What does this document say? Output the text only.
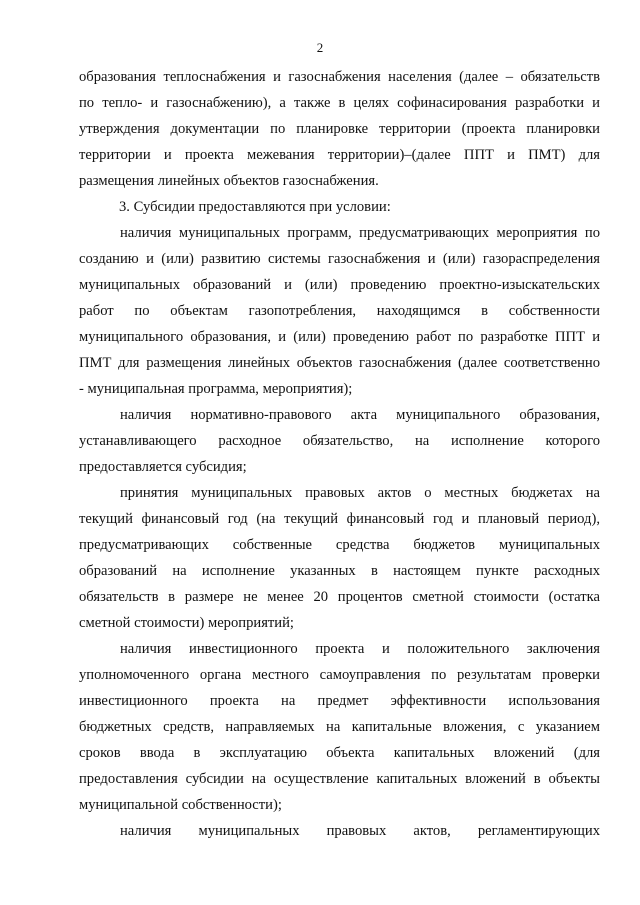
2
образования теплоснабжения и газоснабжения населения (далее – обязательств
по тепло- и газоснабжению), а также в целях софинасирования разработки и
утверждения документации по планировке территории (проекта планировки
территории и проекта межевания территории)–(далее ППТ и ПМТ) для
размещения линейных объектов газоснабжения.
3. Субсидии предоставляются при условии:
наличия муниципальных программ, предусматривающих мероприятия по
созданию и (или) развитию системы газоснабжения и (или) газораспределения
муниципальных образований и (или) проведению проектно-изыскательских
работ по объектам газопотребления, находящимся в собственности
муниципального образования, и (или) проведению работ по разработке ППТ и
ПМТ для размещения линейных объектов газоснабжения (далее соответственно
- муниципальная программа, мероприятия);
наличия нормативно-правового акта муниципального образования,
устанавливающего расходное обязательство, на исполнение которого
предоставляется субсидия;
принятия муниципальных правовых актов о местных бюджетах на
текущий финансовый год (на текущий финансовый год и плановый период),
предусматривающих собственные средства бюджетов муниципальных
образований на исполнение указанных в настоящем пункте расходных
обязательств в размере не менее 20 процентов сметной стоимости (остатка
сметной стоимости) мероприятий;
наличия инвестиционного проекта и положительного заключения
уполномоченного органа местного самоуправления по результатам проверки
инвестиционного проекта на предмет эффективности использования
бюджетных средств, направляемых на капитальные вложения, с указанием
сроков ввода в эксплуатацию объекта капитальных вложений (для
предоставления субсидии на осуществление капитальных вложений в объекты
муниципальной собственности);
наличия муниципальных правовых актов, регламентирующих
